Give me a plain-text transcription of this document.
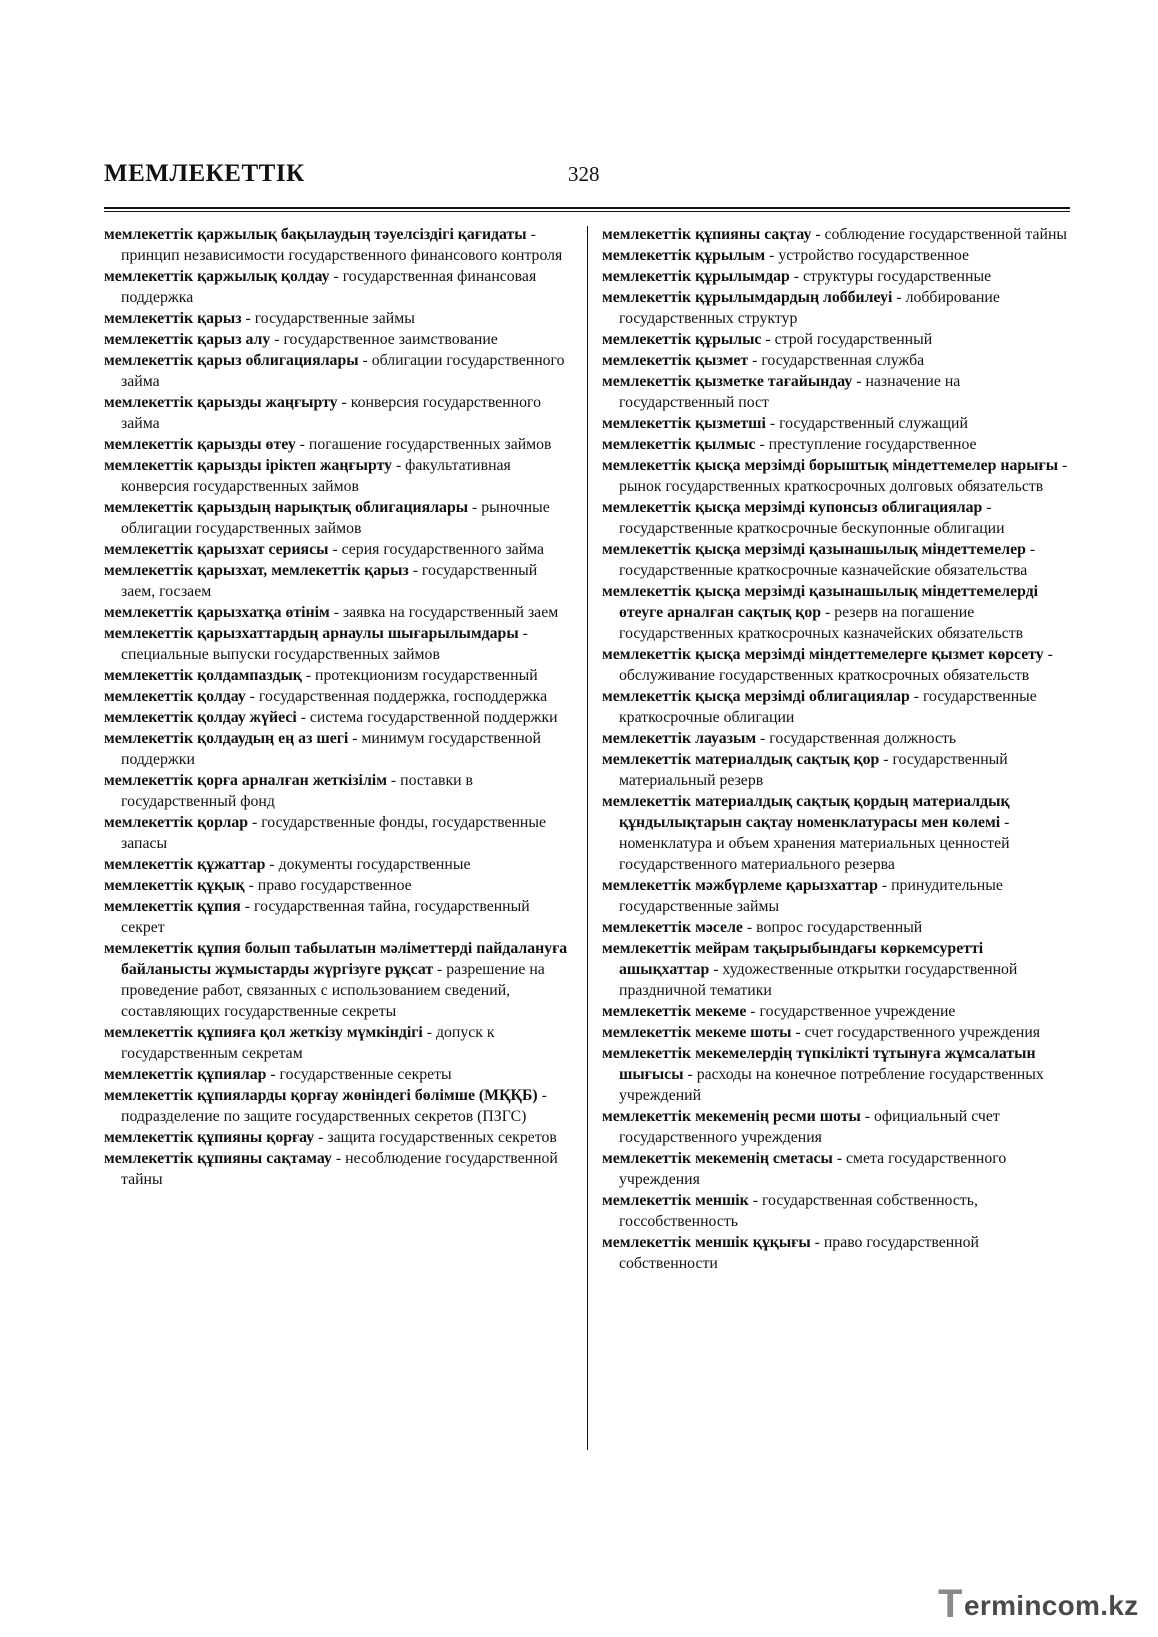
МЕМЛЕКЕТТІК	328

мемлекеттік қаржылық бақылаудың тәуелсіздігі қағидаты - принцип независимости государственного финансового контроля

мемлекеттік қаржылық қолдау - государственная финансовая поддержка

мемлекеттік қарыз - государственные займы

мемлекеттік қарыз алу - государственное заимствование

мемлекеттік қарыз облигациялары - облигации государственного займа

мемлекеттік қарызды жаңғырту - конверсия государственного займа

мемлекеттік қарызды өтеу - погашение государственных займов

мемлекеттік қарызды іріктеп жаңғырту - факультативная конверсия государственных займов

мемлекеттік қарыздың нарықтық облигациялары - рыночные облигации государственных займов

мемлекеттік қарызхат сериясы - серия государственного займа

мемлекеттік қарызхат, мемлекеттік қарыз - государственный заем, госзаем

мемлекеттік қарызхатқа өтінім - заявка на государственный заем

мемлекеттік қарызхаттардың арнаулы шығарылымдары - специальные выпуски государственных займов

мемлекеттік қолдампаздық - протекционизм государственный

мемлекеттік қолдау - государственная поддержка, господдержка

мемлекеттік қолдау жүйесі - система государственной поддержки

мемлекеттік қолдаудың ең аз шегі - минимум государственной поддержки

мемлекеттік қорға арналған жеткізілім - поставки в государственный фонд

мемлекеттік қорлар - государственные фонды, государственные запасы

мемлекеттік құжаттар - документы государственные

мемлекеттік құқық - право государственное

мемлекеттік құпия - государственная тайна, государственный секрет

мемлекеттік құпия болып табылатын мәліметтерді пайдалануға байланысты жұмыстарды жүргізуге рұқсат - разрешение на проведение работ, связанных с использованием сведений, составляющих государственные секреты

мемлекеттік құпияға қол жеткізу мүмкіндігі - допуск к государственным секретам

мемлекеттік құпиялар - государственные секреты

мемлекеттік құпияларды қорғау жөніндегі бөлімше (МҚҚБ) - подразделение по защите государственных секретов (ПЗГС)

мемлекеттік құпияны қорғау - защита государственных секретов

мемлекеттік құпияны сақтамау - несоблюдение государственной тайны

мемлекеттік құпияны сақтау - соблюдение государственной тайны

мемлекеттік құрылым - устройство государственное

мемлекеттік құрылымдар - структуры государственные

мемлекеттік құрылымдардың лоббилеуі - лоббирование государственных структур

мемлекеттік құрылыс - строй государственный

мемлекеттік қызмет - государственная служба

мемлекеттік қызметке тағайындау - назначение на государственный пост

мемлекеттік қызметші - государственный служащий

мемлекеттік қылмыс - преступление государственное

мемлекеттік қысқа мерзімді борыштық міндеттемелер нарығы - рынок государственных краткосрочных долговых обязательств

мемлекеттік қысқа мерзімді купонсыз облигациялар - государственные краткосрочные бескупонные облигации

мемлекеттік қысқа мерзімді қазынашылық міндеттемелер - государственные краткосрочные казначейские обязательства

мемлекеттік қысқа мерзімді қазынашылық міндеттемелерді өтеуге арналған сақтық қор - резерв на погашение государственных краткосрочных казначейских обязательств

мемлекеттік қысқа мерзімді міндеттемелерге қызмет көрсету - обслуживание государственных краткосрочных обязательств

мемлекеттік қысқа мерзімді облигациялар - государственные краткосрочные облигации

мемлекеттік лауазым - государственная должность

мемлекеттік материалдық сақтық қор - государственный материальный резерв

мемлекеттік материалдық сақтық қордың материалдық құндылықтарын сақтау номенклатурасы мен көлемі - номенклатура и объем хранения материальных ценностей государственного материального резерва

мемлекеттік мәжбүрлеме қарызхаттар - принудительные государственные займы

мемлекеттік мәселе - вопрос государственный

мемлекеттік мейрам тақырыбындағы көркемсуретті ашықхаттар - художественные открытки государственной праздничной тематики

мемлекеттік мекеме - государственное учреждение

мемлекеттік мекеме шоты - счет государственного учреждения

мемлекеттік мекемелердің түпкілікті тұтынуға жұмсалатын шығысы - расходы на конечное потребление государственных учреждений

мемлекеттік мекеменің ресми шоты - официальный счет государственного учреждения

мемлекеттік мекеменің сметасы - смета государственного учреждения

мемлекеттік меншік - государственная собственность, госсобственность

мемлекеттік меншік құқығы - право государственной собственности

T ermincom.kz
